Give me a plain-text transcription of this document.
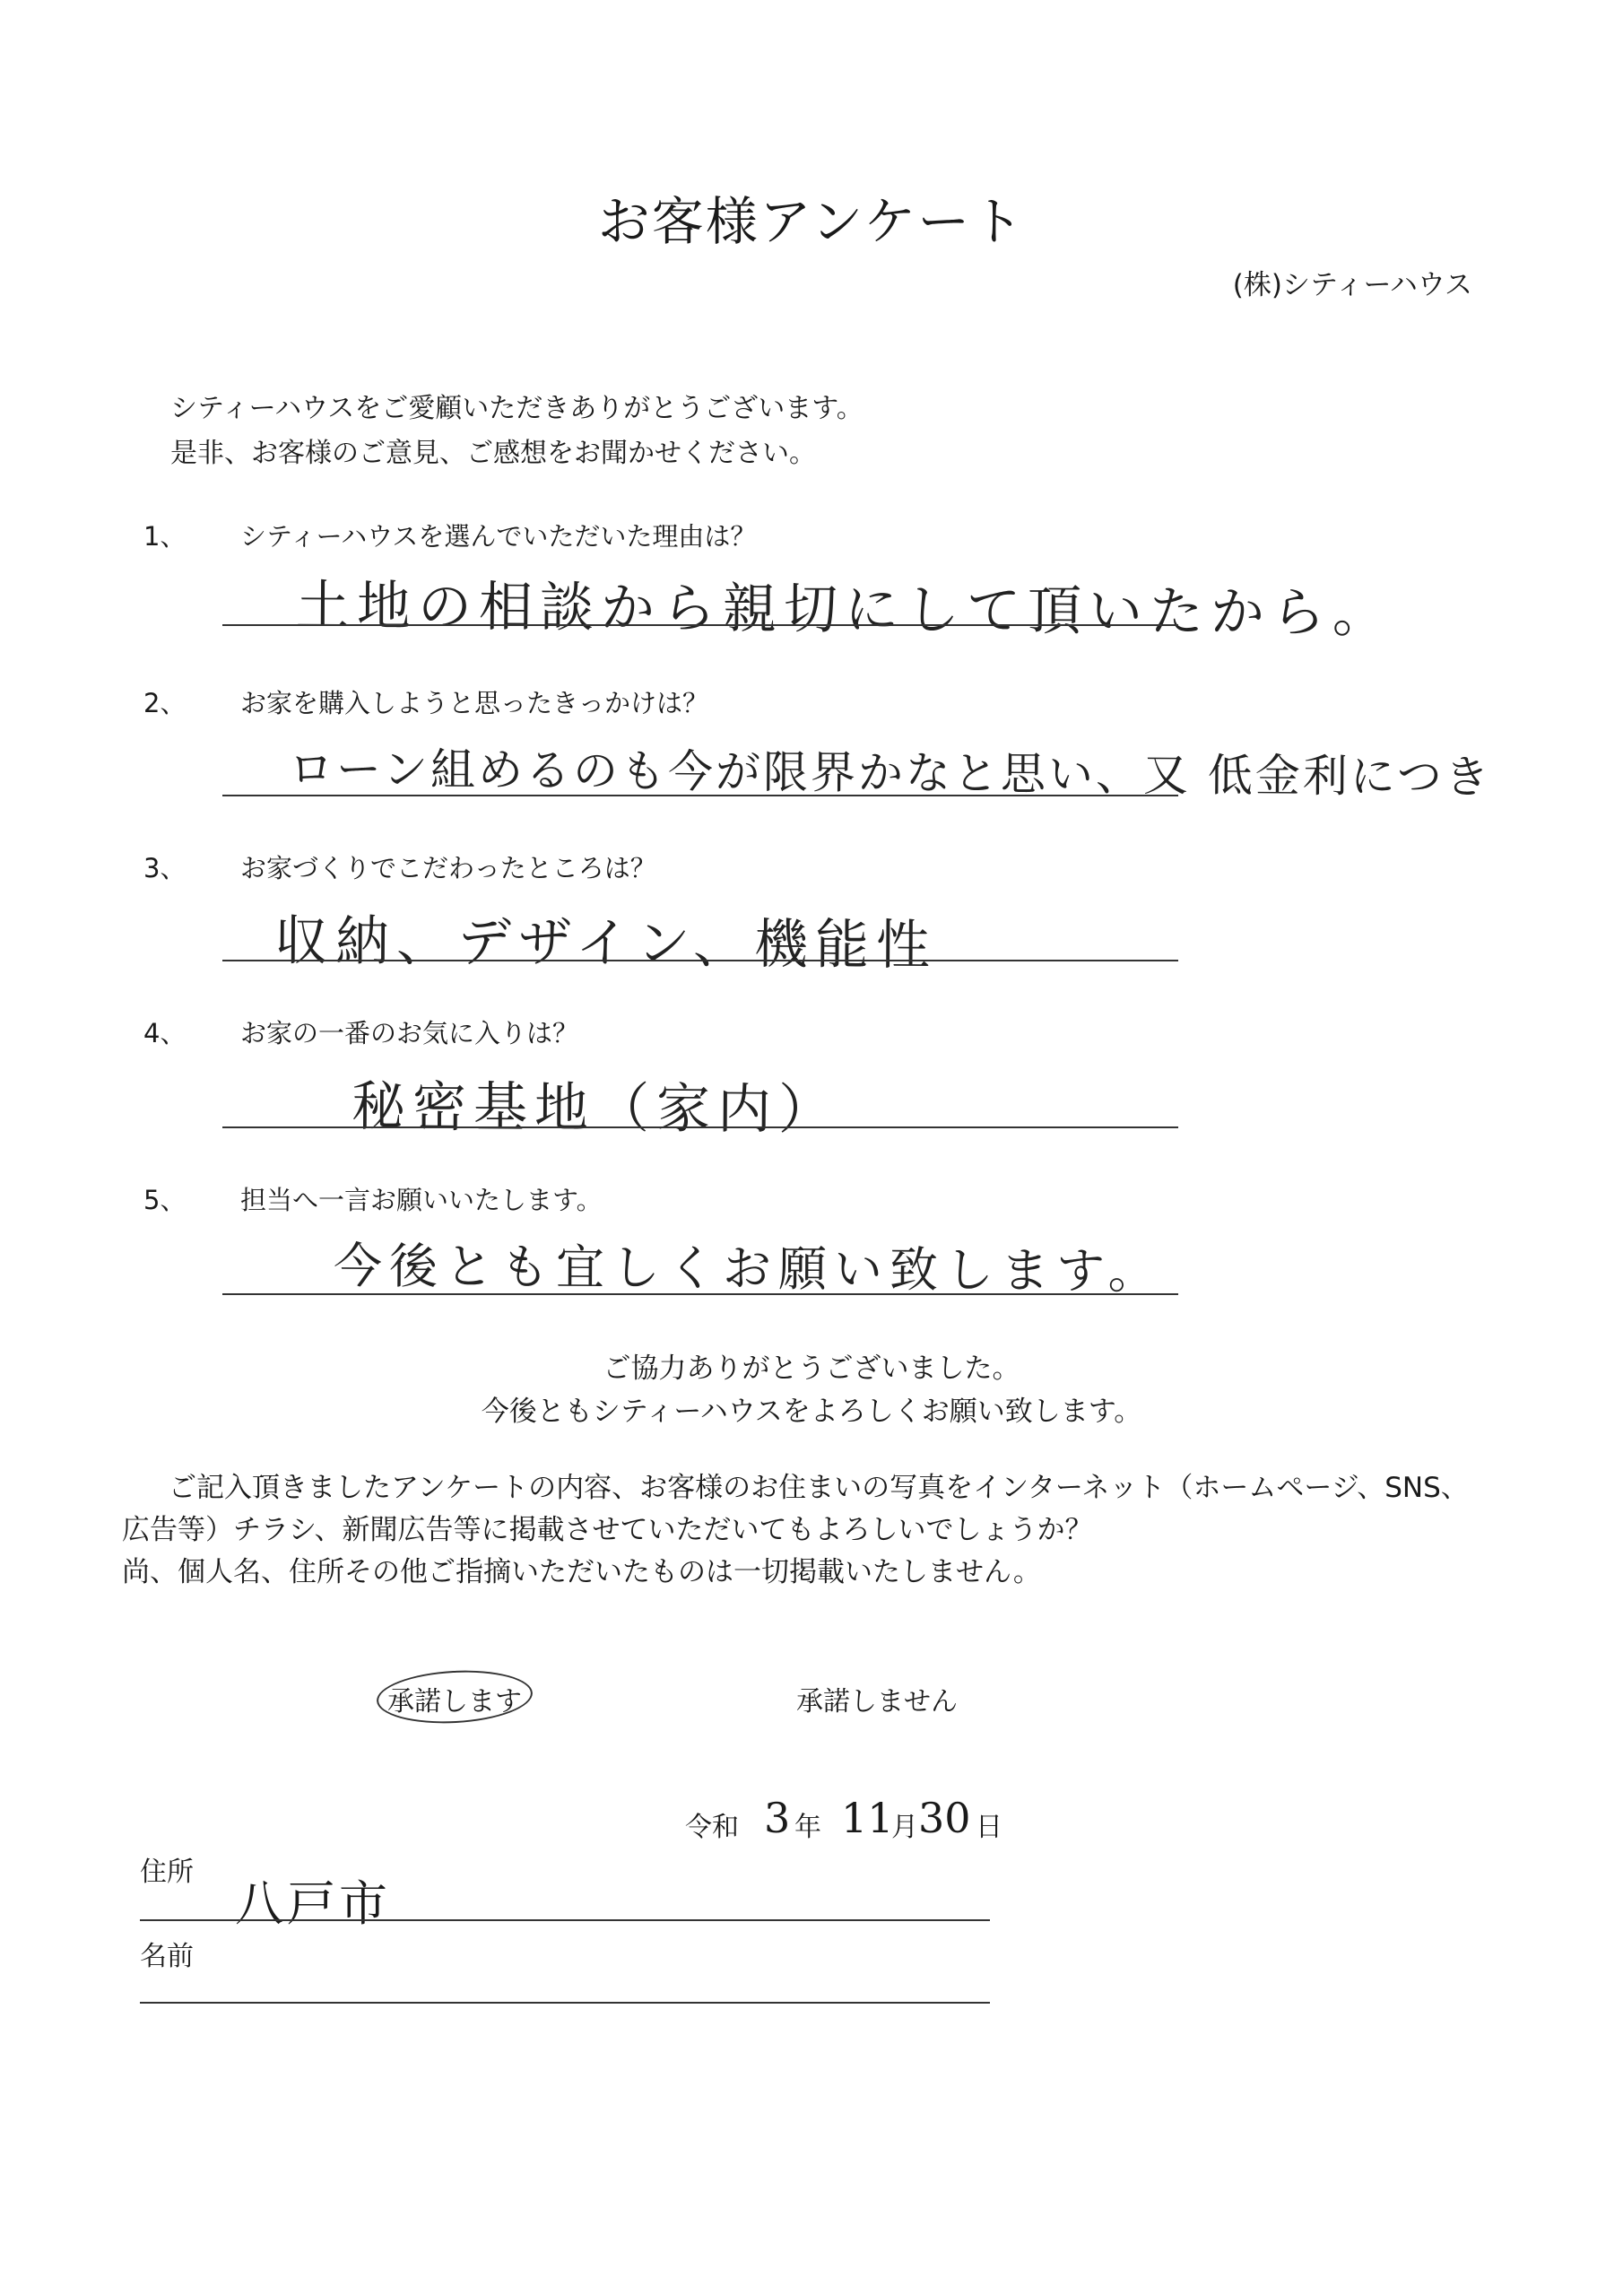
お客様アンケート
(株)シティーハウス
シティーハウスをご愛顧いただきありがとうございます。
是非、お客様のご意見、ご感想をお聞かせください。
1、 シティーハウスを選んでいただいた理由は？
土地の相談から親切にして頂いたから。
2、 お家を購入しようと思ったきっかけは？
ローン組めるのも今が限界かなと思い、又 低金利につき
3、 お家づくりでこだわったところは？
収納、デザイン、機能性
4、 お家の一番のお気に入りは？
秘密基地（家内）
5、 担当へ一言お願いいたします。
今後とも宜しくお願い致します。
ご協力ありがとうございました。
今後ともシティーハウスをよろしくお願い致します。
ご記入頂きましたアンケートの内容、お客様のお住まいの写真をインターネット（ホームページ、SNS、
広告等）チラシ、新聞広告等に掲載させていただいてもよろしいでしょうか？
尚、個人名、住所その他ご指摘いただいたものは一切掲載いたしません。
承諾します	承諾しません
令和 3 年 11
月 30 日
住所
八戸市
名前
